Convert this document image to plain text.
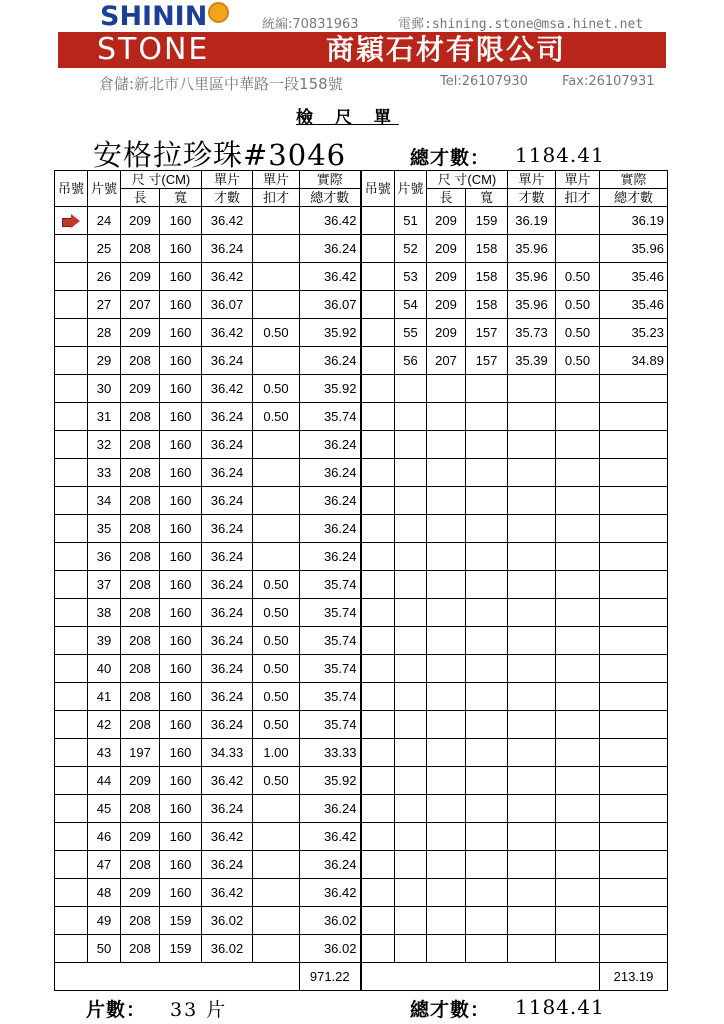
SHININ	統編:70831963	電郵:shining.stone@msa.hinet.net
STONE	商穎石材有限公司
倉儲:新北市八里區中華路一段158號	Tel:26107930	Fax:26107931
檢 尺 單
安格拉珍珠#3046	總才數： 1184.41
吊號	片號	尺 寸(CM)		單片	單片	實際	吊號	片號	尺 寸(CM)		單片	單片	實際
		長	寬	才數	扣才	總才數			長	寬	才數	扣才	總才數

	24	209	160	36.42		36.42		51	209	159	36.19		36.19
	25	208	160	36.24		36.24		52	209	158	35.96		35.96
	26	209	160	36.42		36.42		53	209	158	35.96	0.50	35.46
	27	207	160	36.07		36.07		54	209	158	35.96	0.50	35.46
	28	209	160	36.42	0.50	35.92		55	209	157	35.73	0.50	35.23
	29	208	160	36.24		36.24		56	207	157	35.39	0.50	34.89
	30	209	160	36.42	0.50	35.92							
	31	208	160	36.24	0.50	35.74							
	32	208	160	36.24		36.24							
	33	208	160	36.24		36.24							
	34	208	160	36.24		36.24							
	35	208	160	36.24		36.24							
	36	208	160	36.24		36.24							
	37	208	160	36.24	0.50	35.74							
	38	208	160	36.24	0.50	35.74							
	39	208	160	36.24	0.50	35.74							
	40	208	160	36.24	0.50	35.74							
	41	208	160	36.24	0.50	35.74							
	42	208	160	36.24	0.50	35.74							
	43	197	160	34.33	1.00	33.33							
	44	209	160	36.42	0.50	35.92							
	45	208	160	36.24		36.24							
	46	209	160	36.42		36.42							
	47	208	160	36.24		36.24							
	48	209	160	36.42		36.42							
	49	208	159	36.02		36.02							
	50	208	159	36.02		36.02							
						971.22							213.19
片數： 33 片	總才數： 1184.41
